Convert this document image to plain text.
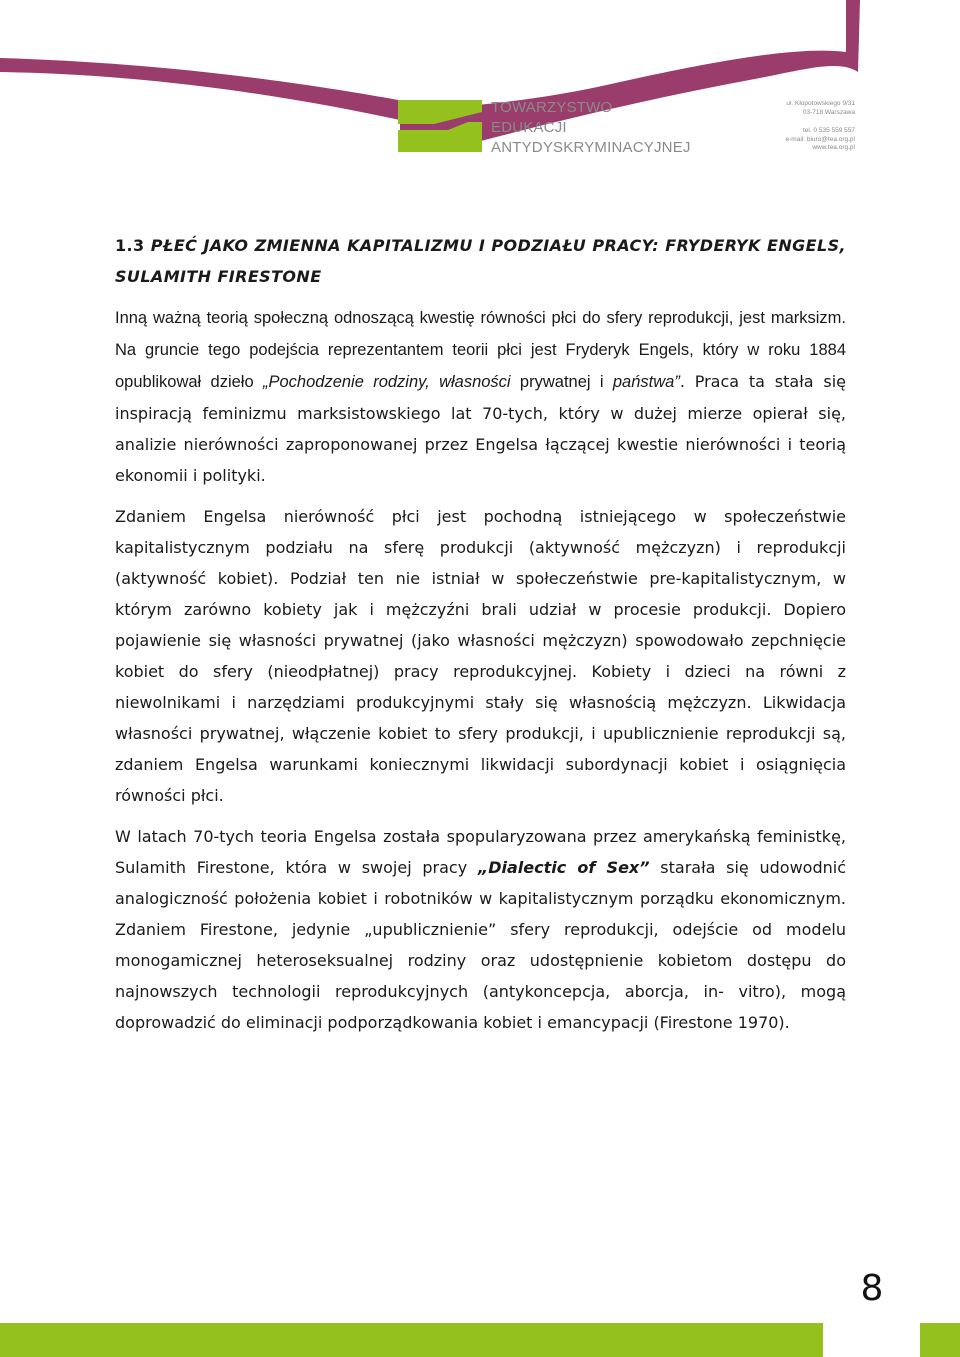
TOWARZYSTWO
EDUKACJI
ANTYDYSKRYMINACYJNEJ
ul. Kłopotowskiego 9/31
03-718 Warszawa
tel. 0 535 559 557
e-mail: biuro@tea.org.pl
www.tea.org.pl
1.3 PŁEĆ JAKO ZMIENNA KAPITALIZMU I PODZIAŁU PRACY: FRYDERYK ENGELS, SULAMITH FIRESTONE

Inną ważną teorią społeczną odnoszącą kwestię równości płci do sfery reprodukcji, jest marksizm. Na gruncie tego podejścia reprezentantem teorii płci jest Fryderyk Engels, który w roku 1884 opublikował dzieło „Pochodzenie rodziny, własności prywatnej i państwa”. Praca ta stała się inspiracją feminizmu marksistowskiego lat 70-tych, który w dużej mierze opierał się, analizie nierówności zaproponowanej przez Engelsa łączącej kwestie nierówności i teorią ekonomii i polityki.

Zdaniem Engelsa nierówność płci jest pochodną istniejącego w społeczeństwie kapitalistycznym podziału na sferę produkcji (aktywność mężczyzn) i reprodukcji (aktywność kobiet). Podział ten nie istniał w społeczeństwie pre-kapitalistycznym, w którym zarówno kobiety jak i mężczyźni brali udział w procesie produkcji. Dopiero pojawienie się własności prywatnej (jako własności mężczyzn) spowodowało zepchnięcie kobiet do sfery (nieodpłatnej) pracy reprodukcyjnej. Kobiety i dzieci na równi z niewolnikami i narzędziami produkcyjnymi stały się własnością mężczyzn. Likwidacja własności prywatnej, włączenie kobiet to sfery produkcji, i upublicznienie reprodukcji są, zdaniem Engelsa warunkami koniecznymi likwidacji subordynacji kobiet i osiągnięcia równości płci.

W latach 70-tych teoria Engelsa została spopularyzowana przez amerykańską feministkę, Sulamith Firestone, która w swojej pracy „Dialectic of Sex” starała się udowodnić analogiczność położenia kobiet i robotników w kapitalistycznym porządku ekonomicznym. Zdaniem Firestone, jedynie „upublicznienie” sfery reprodukcji, odejście od modelu monogamicznej heteroseksualnej rodziny oraz udostępnienie kobietom dostępu do najnowszych technologii reprodukcyjnych (antykoncepcja, aborcja, in- vitro), mogą doprowadzić do eliminacji podporządkowania kobiet i emancypacji (Firestone 1970).

8
